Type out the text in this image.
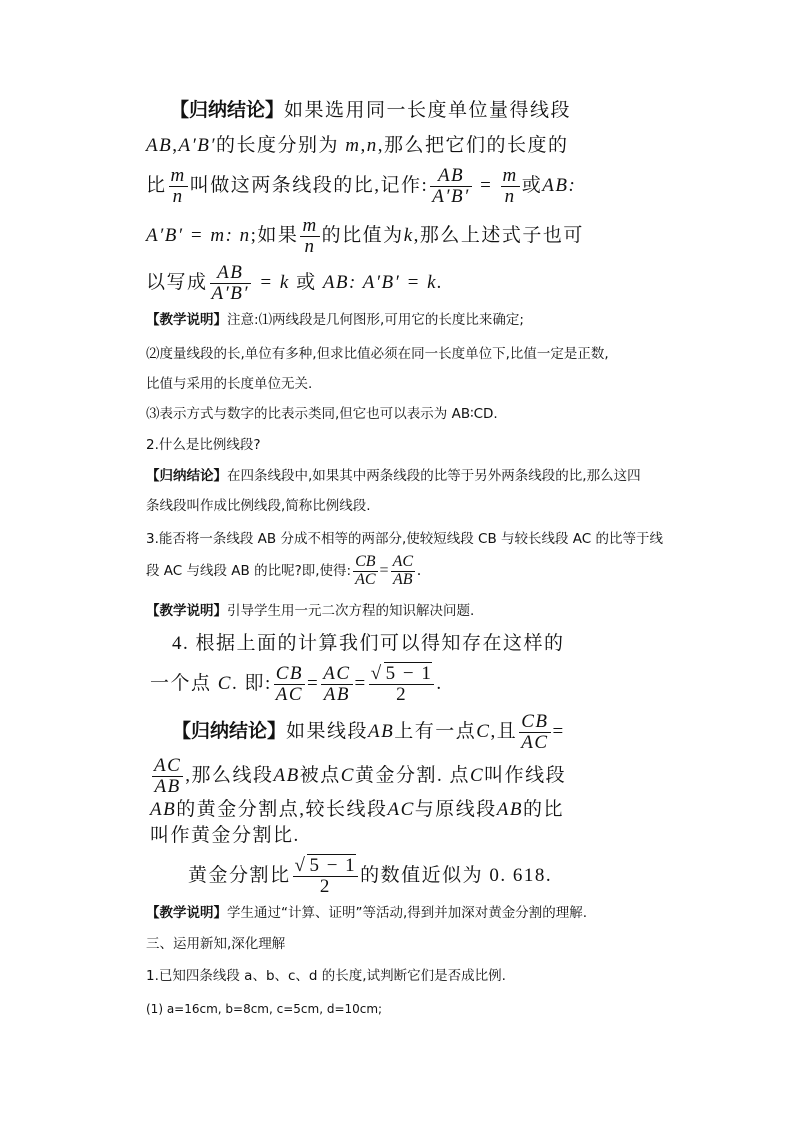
【归纳结论】如果选用同一长度单位量得线段
AB,A′B′的长度分别为 m,n,那么把它们的长度的
比 $\frac{m}{n}$ 叫做这两条线段的比,记作: $\frac{AB}{A'B'} = \frac{m}{n}$ 或AB:
A′B′ = m: n;如果 $\frac{m}{n}$ 的比值为k,那么上述式子也可
以写成 $\frac{AB}{A'B'} = k$ 或 AB: A′B′ = k.
【教学说明】注意:⑴两线段是几何图形,可用它的长度比来确定;
⑵度量线段的长,单位有多种,但求比值必须在同一长度单位下,比值一定是正数,
比值与采用的长度单位无关.
⑶表示方式与数字的比表示类同,但它也可以表示为 AB∶CD.
2.什么是比例线段?
【归纳结论】在四条线段中,如果其中两条线段的比等于另外两条线段的比,那么这四
条线段叫作成比例线段,简称比例线段.
3.能否将一条线段 AB 分成不相等的两部分,使较短线段 CB 与较长线段 AC 的比等于线
段 AC 与线段 AB 的比呢?即,使得: $\frac{CB}{AC} = \frac{AC}{AB}$ .
【教学说明】引导学生用一元二次方程的知识解决问题.
4. 根据上面的计算我们可以得知存在这样的
一个点 C. 即: $\frac{CB}{AC} = \frac{AC}{AB} = \frac{√ 5 - 1}{2}$ .
【归纳结论】如果线段AB上有一点C,且 $\frac{CB}{AC}$ =
$\frac{AC}{AB}$ ,那么线段AB被点C黄金分割. 点C叫作线段
AB的黄金分割点,较长线段AC与原线段AB的比
叫作黄金分割比.
黄金分割比 $\frac{√ 5 - 1}{2}$ 的数值近似为 0. 618.
【教学说明】学生通过“计算、证明”等活动,得到并加深对黄金分割的理解.
三、运用新知,深化理解
1.已知四条线段 a、b、c、d 的长度,试判断它们是否成比例.
(1) a=16cm, b=8cm, c=5cm, d=10cm;
